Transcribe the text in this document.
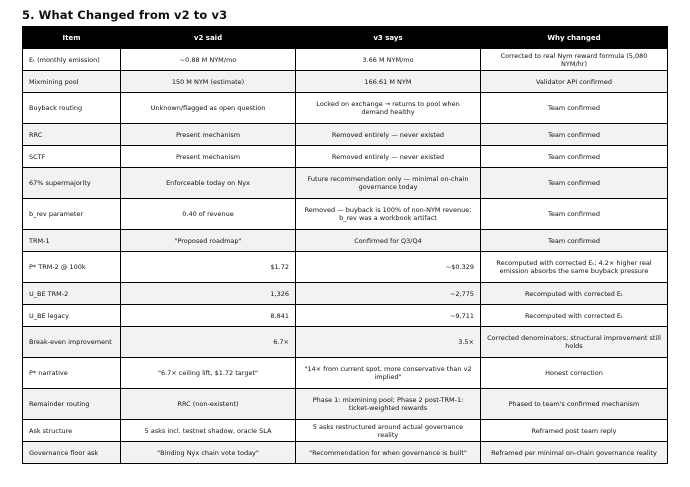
5. What Changed from v2 to v3
Item	v2 said	v3 says	Why changed
Eₜ (monthly emission)	~0.88 M NYM/mo	3.66 M NYM/mo	Corrected to real Nym reward formula (5,080 NYM/hr)
Mixmining pool	150 M NYM (estimate)	166.61 M NYM	Validator API confirmed
Buyback routing	Unknown/flagged as open question	Locked on exchange → returns to pool when demand healthy	Team confirmed
RRC	Present mechanism	Removed entirely — never existed	Team confirmed
SCTF	Present mechanism	Removed entirely — never existed	Team confirmed
67% supermajority	Enforceable today on Nyx	Future recommendation only — minimal on-chain governance today	Team confirmed
b_rev parameter	0.40 of revenue	Removed — buyback is 100% of non-NYM revenue; b_rev was a workbook artifact	Team confirmed
TRM-1	"Proposed roadmap"	Confirmed for Q3/Q4	Team confirmed
P* TRM-2 @ 100k	$1.72	~$0.329	Recomputed with corrected Eₜ; 4.2× higher real emission absorbs the same buyback pressure
U_BE TRM-2	1,326	~2,775	Recomputed with corrected Eₜ
U_BE legacy	8,841	~9,711	Recomputed with corrected Eₜ
Break-even improvement	6.7×	3.5×	Corrected denominators; structural improvement still holds
P* narrative	"6.7× ceiling lift, $1.72 target"	"14× from current spot, more conservative than v2 implied"	Honest correction
Remainder routing	RRC (non-existent)	Phase 1: mixmining pool; Phase 2 post-TRM-1: ticket-weighted rewards	Phased to team's confirmed mechanism
Ask structure	5 asks incl. testnet shadow, oracle SLA	5 asks restructured around actual governance reality	Reframed post team reply
Governance floor ask	"Binding Nyx chain vote today"	"Recommendation for when governance is built"	Reframed per minimal on-chain governance reality
